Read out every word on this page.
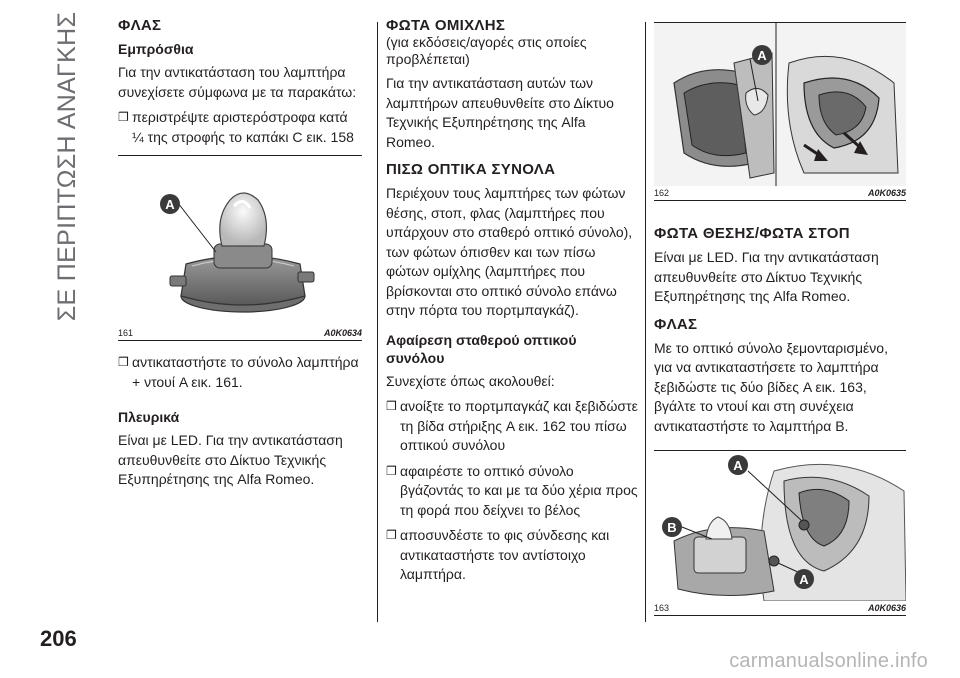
ΣΕ ΠΕΡΙΠΤΩΣΗ ΑΝΑΓΚΗΣ
206
carmanualsonline.info
ΦΛΑΣ
Εμπρόσθια
Για την αντικατάσταση του λαμπτήρα συνεχίσετε σύμφωνα με τα παρακάτω:
❒ περιστρέψτε αριστερόστροφα κατά ¼ της στροφής το καπάκι C εικ. 158
A
161	A0K0634
❒ αντικαταστήστε το σύνολο λαμπτήρα + ντουί A εικ. 161.
Πλευρικά
Είναι με LED. Για την αντικατάσταση απευθυνθείτε στο Δίκτυο Τεχνικής Εξυπηρέτησης της Alfa Romeo.
ΦΩΤΑ ΟΜΙΧΛΗΣ
(για εκδόσεις/αγορές στις οποίες προβλέπεται)
Για την αντικατάσταση αυτών των λαμπτήρων απευθυνθείτε στο Δίκτυο Τεχνικής Εξυπηρέτησης της Alfa Romeo.
ΠΙΣΩ ΟΠΤΙΚΑ ΣΥΝΟΛΑ
Περιέχουν τους λαμπτήρες των φώτων θέσης, στοπ, φλας (λαμπτήρες που υπάρχουν στο σταθερό οπτικό σύνολο), των φώτων όπισθεν και των πίσω φώτων ομίχλης (λαμπτήρες που βρίσκονται στο οπτικό σύνολο επάνω στην πόρτα του πορτμπαγκάζ).
Αφαίρεση σταθερού οπτικού συνόλου
Συνεχίστε όπως ακολουθεί:
❒ ανοίξτε το πορτμπαγκάζ και ξεβιδώστε τη βίδα στήριξης A εικ. 162 του πίσω οπτικού συνόλου
❒ αφαιρέστε το οπτικό σύνολο βγάζοντάς το και με τα δύο χέρια προς τη φορά που δείχνει το βέλος
❒ αποσυνδέστε το φις σύνδεσης και αντικαταστήστε τον αντίστοιχο λαμπτήρα.
A
162	A0K0635
ΦΩΤΑ ΘΕΣΗΣ/ΦΩΤΑ ΣΤΟΠ
Είναι με LED. Για την αντικατάσταση απευθυνθείτε στο Δίκτυο Τεχνικής Εξυπηρέτησης της Alfa Romeo.
ΦΛΑΣ
Με το οπτικό σύνολο ξεμονταρισμένο, για να αντικαταστήσετε το λαμπτήρα ξεβιδώστε τις δύο βίδες A εικ. 163, βγάλτε το ντουί και στη συνέχεια αντικαταστήστε το λαμπτήρα B.
A
B
A
163	A0K0636
